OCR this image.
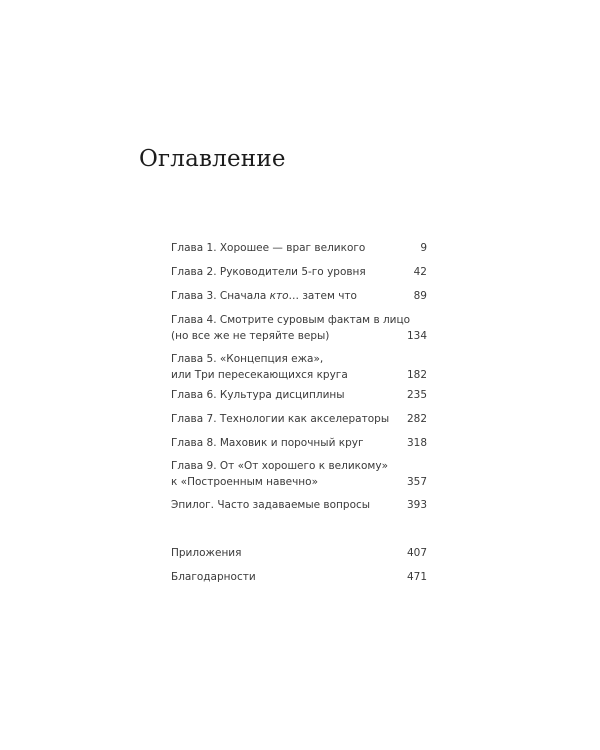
Оглавление
Глава 1. Хорошее — враг великого	9
Глава 2. Руководители 5-го уровня	42
Глава 3. Сначала кто… затем что	89
Глава 4. Смотрите суровым фактам в лицо
(но все же не теряйте веры)	134
Глава 5. «Концепция ежа»,
или Три пересекающихся круга	182
Глава 6. Культура дисциплины	235
Глава 7. Технологии как акселераторы 282
Глава 8. Маховик и порочный круг	318
Глава 9. От «От хорошего к великому»
к «Построенным навечно»	357
Эпилог. Часто задаваемые вопросы	393
Приложения	407
Благодарности	471
